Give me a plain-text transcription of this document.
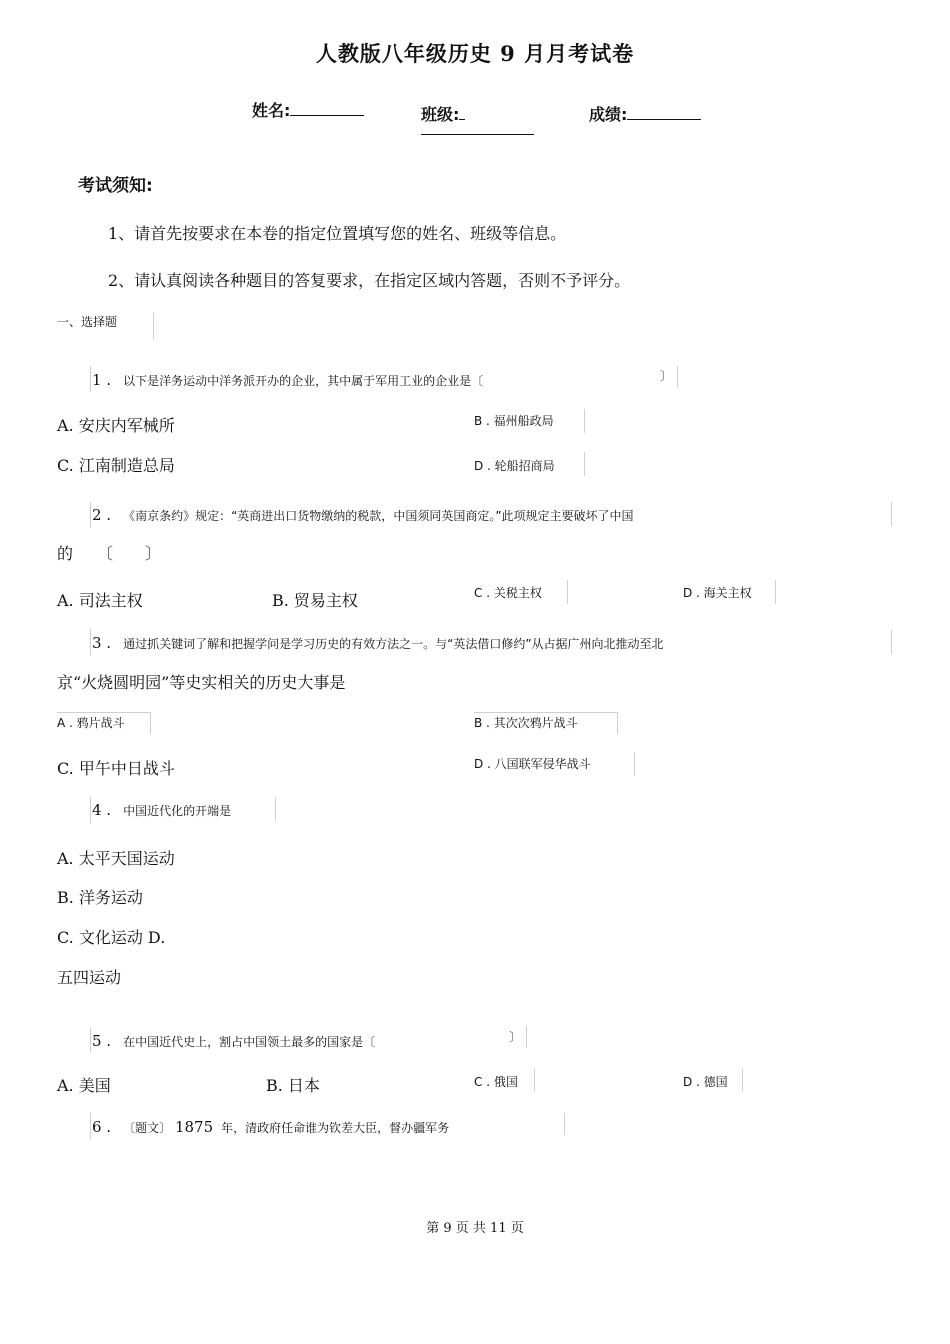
人教版八年级历史 9 月月考试卷
姓名:	班级:	成绩:
考试须知:
1、请首先按要求在本卷的指定位置填写您的姓名、班级等信息。
2、请认真阅读各种题目的答复要求，在指定区域内答题，否则不予评分。
一、选择题
1 . 以下是洋务运动中洋务派开办的企业，其中属于军用工业的企业是〔	〕
A. 安庆内军械所	B . 福州船政局
C. 江南制造总局	D . 轮船招商局
2 . 《南京条约》规定：“英商进出口货物缴纳的税款，中国须同英国商定。”此项规定主要破坏了中国
的　　〔　　〕
A. 司法主权	B. 贸易主权	C . 关税主权	D . 海关主权
3 . 通过抓关键词了解和把握学问是学习历史的有效方法之一。与“英法借口修约”从占据广州向北推动至北
京“火烧圆明园”等史实相关的历史大事是
A . 鸦片战斗	B . 其次次鸦片战斗
C. 甲午中日战斗	D . 八国联军侵华战斗
4 . 中国近代化的开端是
A. 太平天国运动
B. 洋务运动
C. 文化运动 D.
五四运动
5 . 在中国近代史上，割占中国领土最多的国家是〔	〕
A. 美国	B. 日本	C . 俄国	D . 德国
6 . 〔题文〕 1875 年，清政府任命谁为钦差大臣，督办疆军务
第 9 页 共 11 页
